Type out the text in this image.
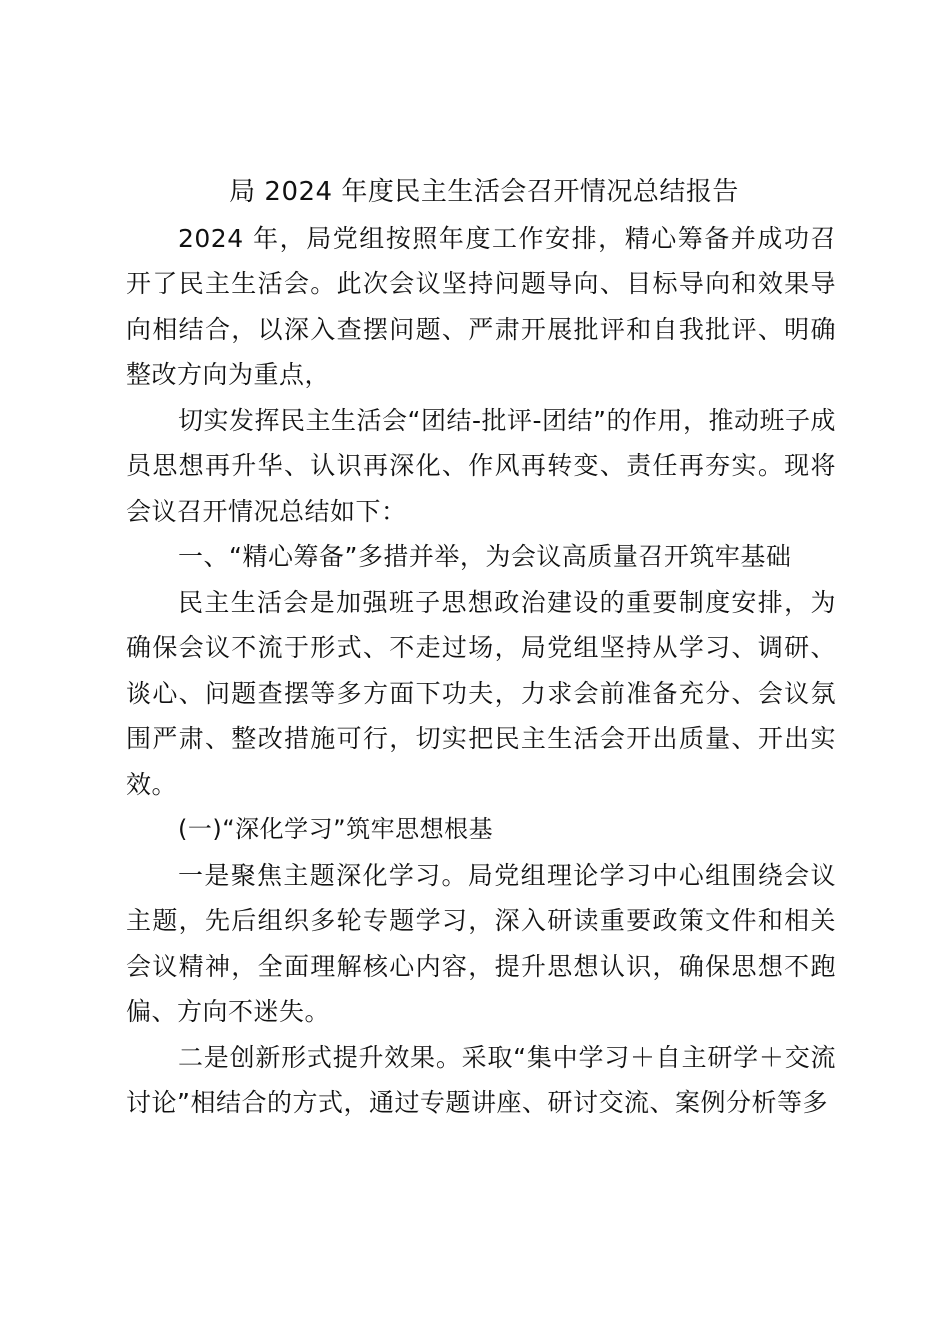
局 2024 年度民主生活会召开情况总结报告

2024 年，局党组按照年度工作安排，精心筹备并成功召开了民主生活会。此次会议坚持问题导向、目标导向和效果导向相结合，以深入查摆问题、严肃开展批评和自我批评、明确整改方向为重点，

切实发挥民主生活会“团结-批评-团结”的作用，推动班子成员思想再升华、认识再深化、作风再转变、责任再夯实。现将会议召开情况总结如下：

一、“精心筹备”多措并举，为会议高质量召开筑牢基础

民主生活会是加强班子思想政治建设的重要制度安排，为确保会议不流于形式、不走过场，局党组坚持从学习、调研、谈心、问题查摆等多方面下功夫，力求会前准备充分、会议氛围严肃、整改措施可行，切实把民主生活会开出质量、开出实效。

(一)“深化学习”筑牢思想根基

一是聚焦主题深化学习。局党组理论学习中心组围绕会议主题，先后组织多轮专题学习，深入研读重要政策文件和相关会议精神，全面理解核心内容，提升思想认识，确保思想不跑偏、方向不迷失。

二是创新形式提升效果。采取“集中学习＋自主研学＋交流讨论”相结合的方式，通过专题讲座、研讨交流、案例分析等多
